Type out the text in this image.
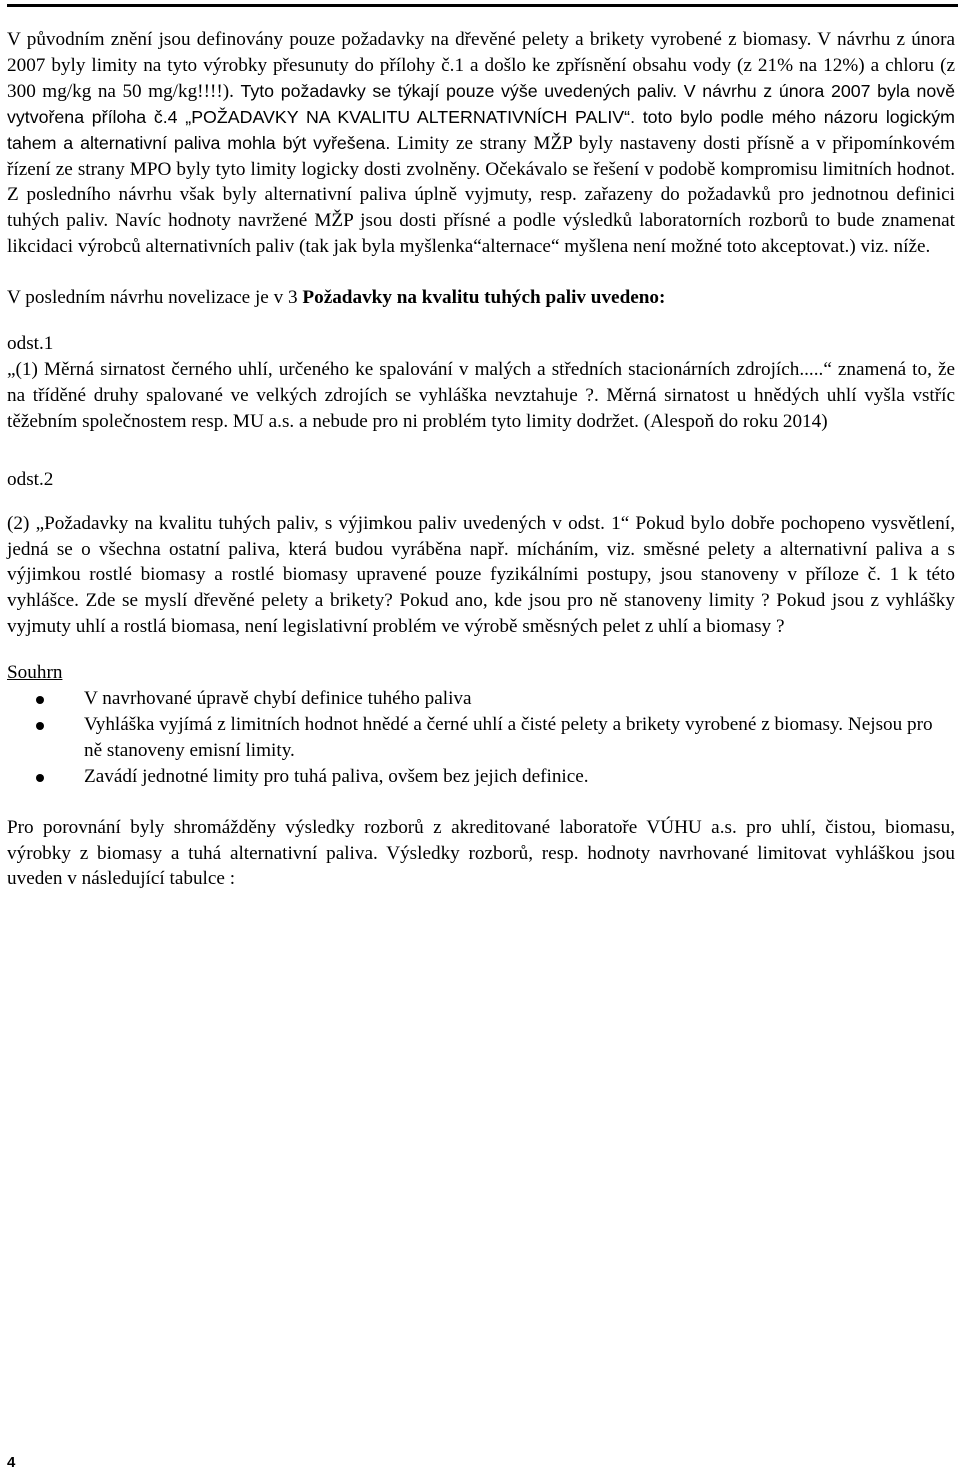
V původním znění jsou definovány pouze požadavky na dřevěné pelety a brikety vyrobené z biomasy. V návrhu z února 2007 byly limity na tyto výrobky přesunuty do přílohy č.1 a došlo ke zpřísnění obsahu vody (z 21% na 12%) a chloru (z 300 mg/kg na 50 mg/kg!!!!). Tyto požadavky se týkají pouze výše uvedených paliv. V návrhu z února 2007 byla nově vytvořena příloha č.4 „POŽADAVKY NA KVALITU ALTERNATIVNÍCH PALIV“. toto bylo podle mého názoru logickým tahem a alternativní paliva mohla být vyřešena. Limity ze strany MŽP byly nastaveny dosti přísně a v připomínkovém řízení ze strany MPO byly tyto limity logicky dosti zvolněny. Očekávalo se řešení v podobě kompromisu limitních hodnot. Z posledního návrhu však byly alternativní paliva úplně vyjmuty, resp. zařazeny do požadavků pro jednotnou definici tuhých paliv. Navíc hodnoty navržené MŽP jsou dosti přísné a podle výsledků laboratorních rozborů to bude znamenat likcidaci výrobců alternativních paliv (tak jak byla myšlenka“alternace“ myšlena není možné toto akceptovat.) viz. níže.

V posledním návrhu novelizace je v 3 Požadavky na kvalitu tuhých paliv uvedeno:

odst.1

„(1) Měrná sirnatost černého uhlí, určeného ke spalování v malých a středních stacionárních zdrojích.....“ znamená to, že na tříděné druhy spalované ve velkých zdrojích se vyhláška nevztahuje ?. Měrná sirnatost u hnědých uhlí vyšla vstříc těžebním společnostem resp. MU a.s. a nebude pro ni problém tyto limity dodržet. (Alespoň do roku 2014)

odst.2

(2) „Požadavky na kvalitu tuhých paliv, s výjimkou paliv uvedených v odst. 1“ Pokud bylo dobře pochopeno vysvětlení, jedná se o všechna ostatní paliva, která budou vyráběna např. mícháním, viz. směsné pelety a alternativní paliva a s výjimkou rostlé biomasy a rostlé biomasy upravené pouze fyzikálními postupy, jsou stanoveny v příloze č. 1 k této vyhlášce. Zde se myslí dřevěné pelety a brikety? Pokud ano, kde jsou pro ně stanoveny limity ? Pokud jsou z vyhlášky vyjmuty uhlí a rostlá biomasa, není legislativní problém ve výrobě směsných pelet z uhlí a biomasy ?

Souhrn

V navrhované úpravě chybí definice tuhého paliva
Vyhláška vyjímá z limitních hodnot hnědé a černé uhlí a čisté pelety a brikety vyrobené z biomasy. Nejsou pro ně stanoveny emisní limity.
Zavádí jednotné limity pro tuhá paliva, ovšem bez jejich definice.

Pro porovnání byly shromážděny výsledky rozborů z akreditované laboratoře VÚHU a.s. pro uhlí, čistou, biomasu, výrobky z biomasy a tuhá alternativní paliva. Výsledky rozborů, resp. hodnoty navrhované limitovat vyhláškou jsou uveden v následující tabulce :

4
